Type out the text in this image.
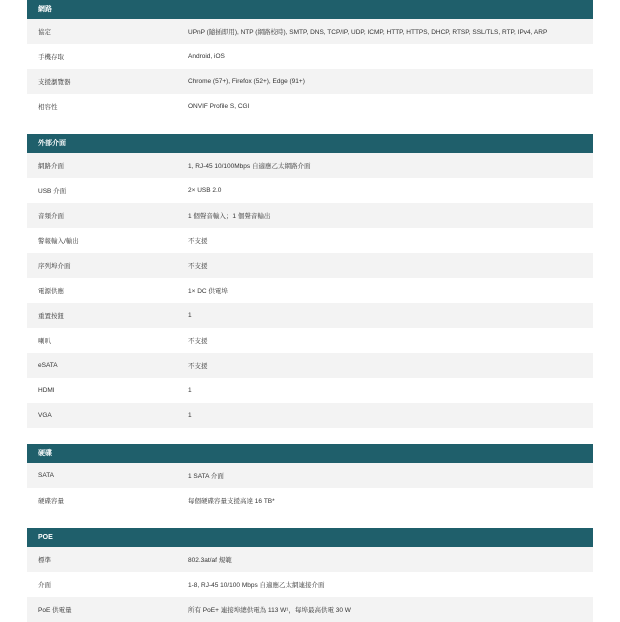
網路
協定	UPnP (隨插即用), NTP (網路校時), SMTP, DNS, TCP/IP, UDP, ICMP, HTTP, HTTPS, DHCP, RTSP, SSL/TLS, RTP, IPv4, ARP
手機存取	Android, iOS
支援瀏覽器	Chrome (57+), Firefox (52+), Edge (91+)
相容性	ONVIF Profile S, CGI
外部介面
網路介面	1, RJ-45 10/100Mbps 自適應乙太網路介面
USB 介面	2× USB 2.0
音頻介面	1 個聲音輸入；1 個聲音輸出
警報輸入/輸出	不支援
序列埠介面	不支援
電源供應	1× DC 供電埠
重置按鈕	1
喇叭	不支援
eSATA	不支援
HDMI	1
VGA	1
硬碟
SATA	1 SATA 介面
硬碟容量	每個硬碟容量支援高達 16 TB*
POE
標準	802.3at/af 規範
介面	1-8, RJ-45 10/100 Mbps 自適應乙太網連接介面
PoE 供電量	所有 PoE+ 連接埠總供電為 113 W¹，每埠最高供電 30 W
